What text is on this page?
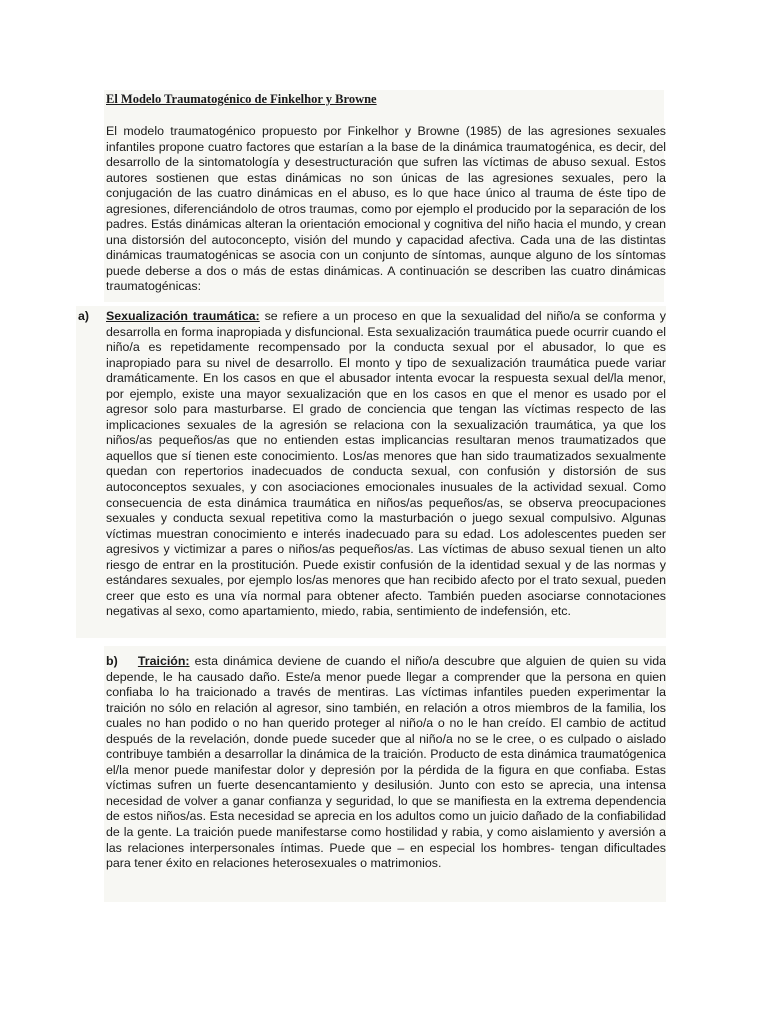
El Modelo Traumatogénico de Finkelhor y Browne

El modelo traumatogénico propuesto por Finkelhor y Browne (1985) de las agresiones sexuales infantiles propone cuatro factores que estarían a la base de la dinámica traumatogénica, es decir, del desarrollo de la sintomatología y desestructuración que sufren las víctimas de abuso sexual. Estos autores sostienen que estas dinámicas no son únicas de las agresiones sexuales, pero la conjugación de las cuatro dinámicas en el abuso, es lo que hace único al trauma de éste tipo de agresiones, diferenciándolo de otros traumas, como por ejemplo el producido por la separación de los padres. Estás dinámicas alteran la orientación emocional y cognitiva del niño hacia el mundo, y crean una distorsión del autoconcepto, visión del mundo y capacidad afectiva. Cada una de las distintas dinámicas traumatogénicas se asocia con un conjunto de síntomas, aunque alguno de los síntomas puede deberse a dos o más de estas dinámicas. A continuación se describen las cuatro dinámicas traumatogénicas:

a) Sexualización traumática: se refiere a un proceso en que la sexualidad del niño/a se conforma y desarrolla en forma inapropiada y disfuncional. Esta sexualización traumática puede ocurrir cuando el niño/a es repetidamente recompensado por la conducta sexual por el abusador, lo que es inapropiado para su nivel de desarrollo. El monto y tipo de sexualización traumática puede variar dramáticamente. En los casos en que el abusador intenta evocar la respuesta sexual del/la menor, por ejemplo, existe una mayor sexualización que en los casos en que el menor es usado por el agresor solo para masturbarse. El grado de conciencia que tengan las víctimas respecto de las implicaciones sexuales de la agresión se relaciona con la sexualización traumática, ya que los niños/as pequeños/as que no entienden estas implicancias resultaran menos traumatizados que aquellos que sí tienen este conocimiento. Los/as menores que han sido traumatizados sexualmente quedan con repertorios inadecuados de conducta sexual, con confusión y distorsión de sus autoconceptos sexuales, y con asociaciones emocionales inusuales de la actividad sexual. Como consecuencia de esta dinámica traumática en niños/as pequeños/as, se observa preocupaciones sexuales y conducta sexual repetitiva como la masturbación o juego sexual compulsivo. Algunas víctimas muestran conocimiento e interés inadecuado para su edad. Los adolescentes pueden ser agresivos y victimizar a pares o niños/as pequeños/as. Las víctimas de abuso sexual tienen un alto riesgo de entrar en la prostitución. Puede existir confusión de la identidad sexual y de las normas y estándares sexuales, por ejemplo los/as menores que han recibido afecto por el trato sexual, pueden creer que esto es una vía normal para obtener afecto. También pueden asociarse connotaciones negativas al sexo, como apartamiento, miedo, rabia, sentimiento de indefensión, etc.

b) Traición: esta dinámica deviene de cuando el niño/a descubre que alguien de quien su vida depende, le ha causado daño. Este/a menor puede llegar a comprender que la persona en quien confiaba lo ha traicionado a través de mentiras. Las víctimas infantiles pueden experimentar la traición no sólo en relación al agresor, sino también, en relación a otros miembros de la familia, los cuales no han podido o no han querido proteger al niño/a o no le han creído. El cambio de actitud después de la revelación, donde puede suceder que al niño/a no se le cree, o es culpado o aislado contribuye también a desarrollar la dinámica de la traición. Producto de esta dinámica traumatógenica el/la menor puede manifestar dolor y depresión por la pérdida de la figura en que confiaba. Estas víctimas sufren un fuerte desencantamiento y desilusión. Junto con esto se aprecia, una intensa necesidad de volver a ganar confianza y seguridad, lo que se manifiesta en la extrema dependencia de estos niños/as. Esta necesidad se aprecia en los adultos como un juicio dañado de la confiabilidad de la gente. La traición puede manifestarse como hostilidad y rabia, y como aislamiento y aversión a las relaciones interpersonales íntimas. Puede que – en especial los hombres- tengan dificultades para tener éxito en relaciones heterosexuales o matrimonios.
